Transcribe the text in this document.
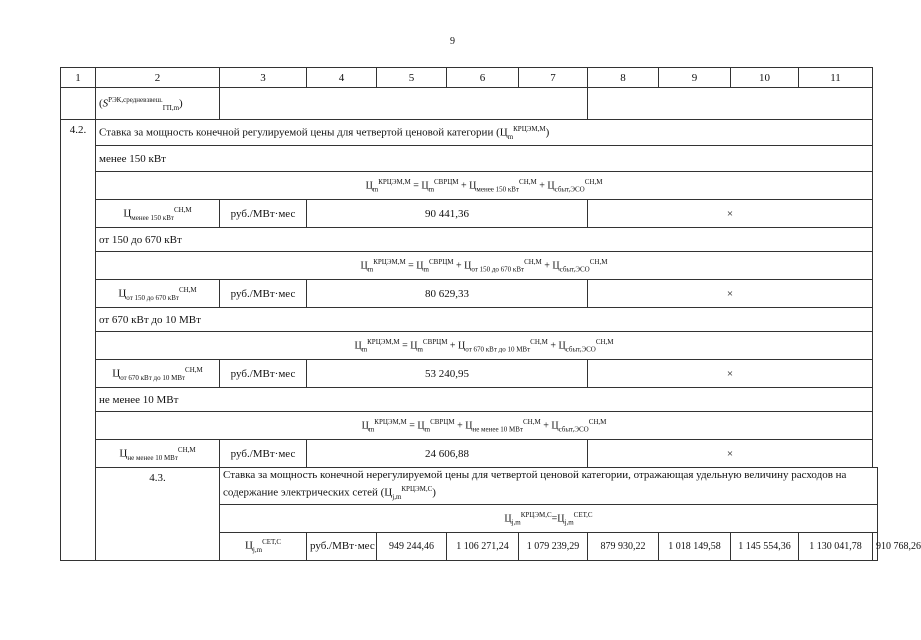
9
1	2	3	4	5	6	7	8	9	10	11	
	$(S^{РЭК,средневзвеш.}_{ГП,m})$										
4.2.	Ставка за мощность конечной регулируемой цены для четвертой ценовой категории $(Ц_m^{КРЦЭМ,М})$										
	менее 150 кВт										
	$Ц_m^{КРЦЭМ,М} = Ц_m^{СВРЦМ} + Ц_{менее 150 кВт}^{СН,М} + Ц_{сбыт,ЭСО}^{СН,М}$
	$Ц_{менее 150 кВт}^{СН,М}$	руб./МВт·мес	90 441,36				×				
	от 150 до 670 кВт										
	$Ц_m^{КРЦЭМ,М} = Ц_m^{СВРЦМ} + Ц_{от 150 до 670 кВт}^{СН,М} + Ц_{сбыт,ЭСО}^{СН,М}$
	$Ц_{от 150 до 670 кВт}^{СН,М}$	руб./МВт·мес	80 629,33				×				
	от 670 кВт до 10 МВт										
	$Ц_m^{КРЦЭМ,М} = Ц_m^{СВРЦМ} + Ц_{от 670 кВт до 10 МВт}^{СН,М} + Ц_{сбыт,ЭСО}^{СН,М}$
	$Ц_{от 670 кВт до 10 МВт}^{СН,М}$	руб./МВт·мес	53 240,95				×				
	не менее 10 МВт										
	$Ц_m^{КРЦЭМ,М} = Ц_m^{СВРЦМ} + Ц_{не менее 10 МВт}^{СН,М} + Ц_{сбыт,ЭСО}^{СН,М}$
	$Ц_{не менее 10 МВт}^{СН,М}$	руб./МВт·мес	24 606,88				×				
	4.3.	Ставка за мощность конечной нерегулируемой цены для четвертой ценовой категории, отражающая удельную величину расходов на содержание электрических сетей $(Ц_{j,m}^{КРЦЭМ,С})$									
		$Ц_{j,m}^{КРЦЭМ,С}=Ц_{j,m}^{СЕТ,С}$
		$Ц_{j,m}^{СЕТ,С}$	руб./МВт·мес	949 244,46	1 106 271,24	1 079 239,29	879 930,22	1 018 149,58	1 145 554,36	1 130 041,78	910 768,26
